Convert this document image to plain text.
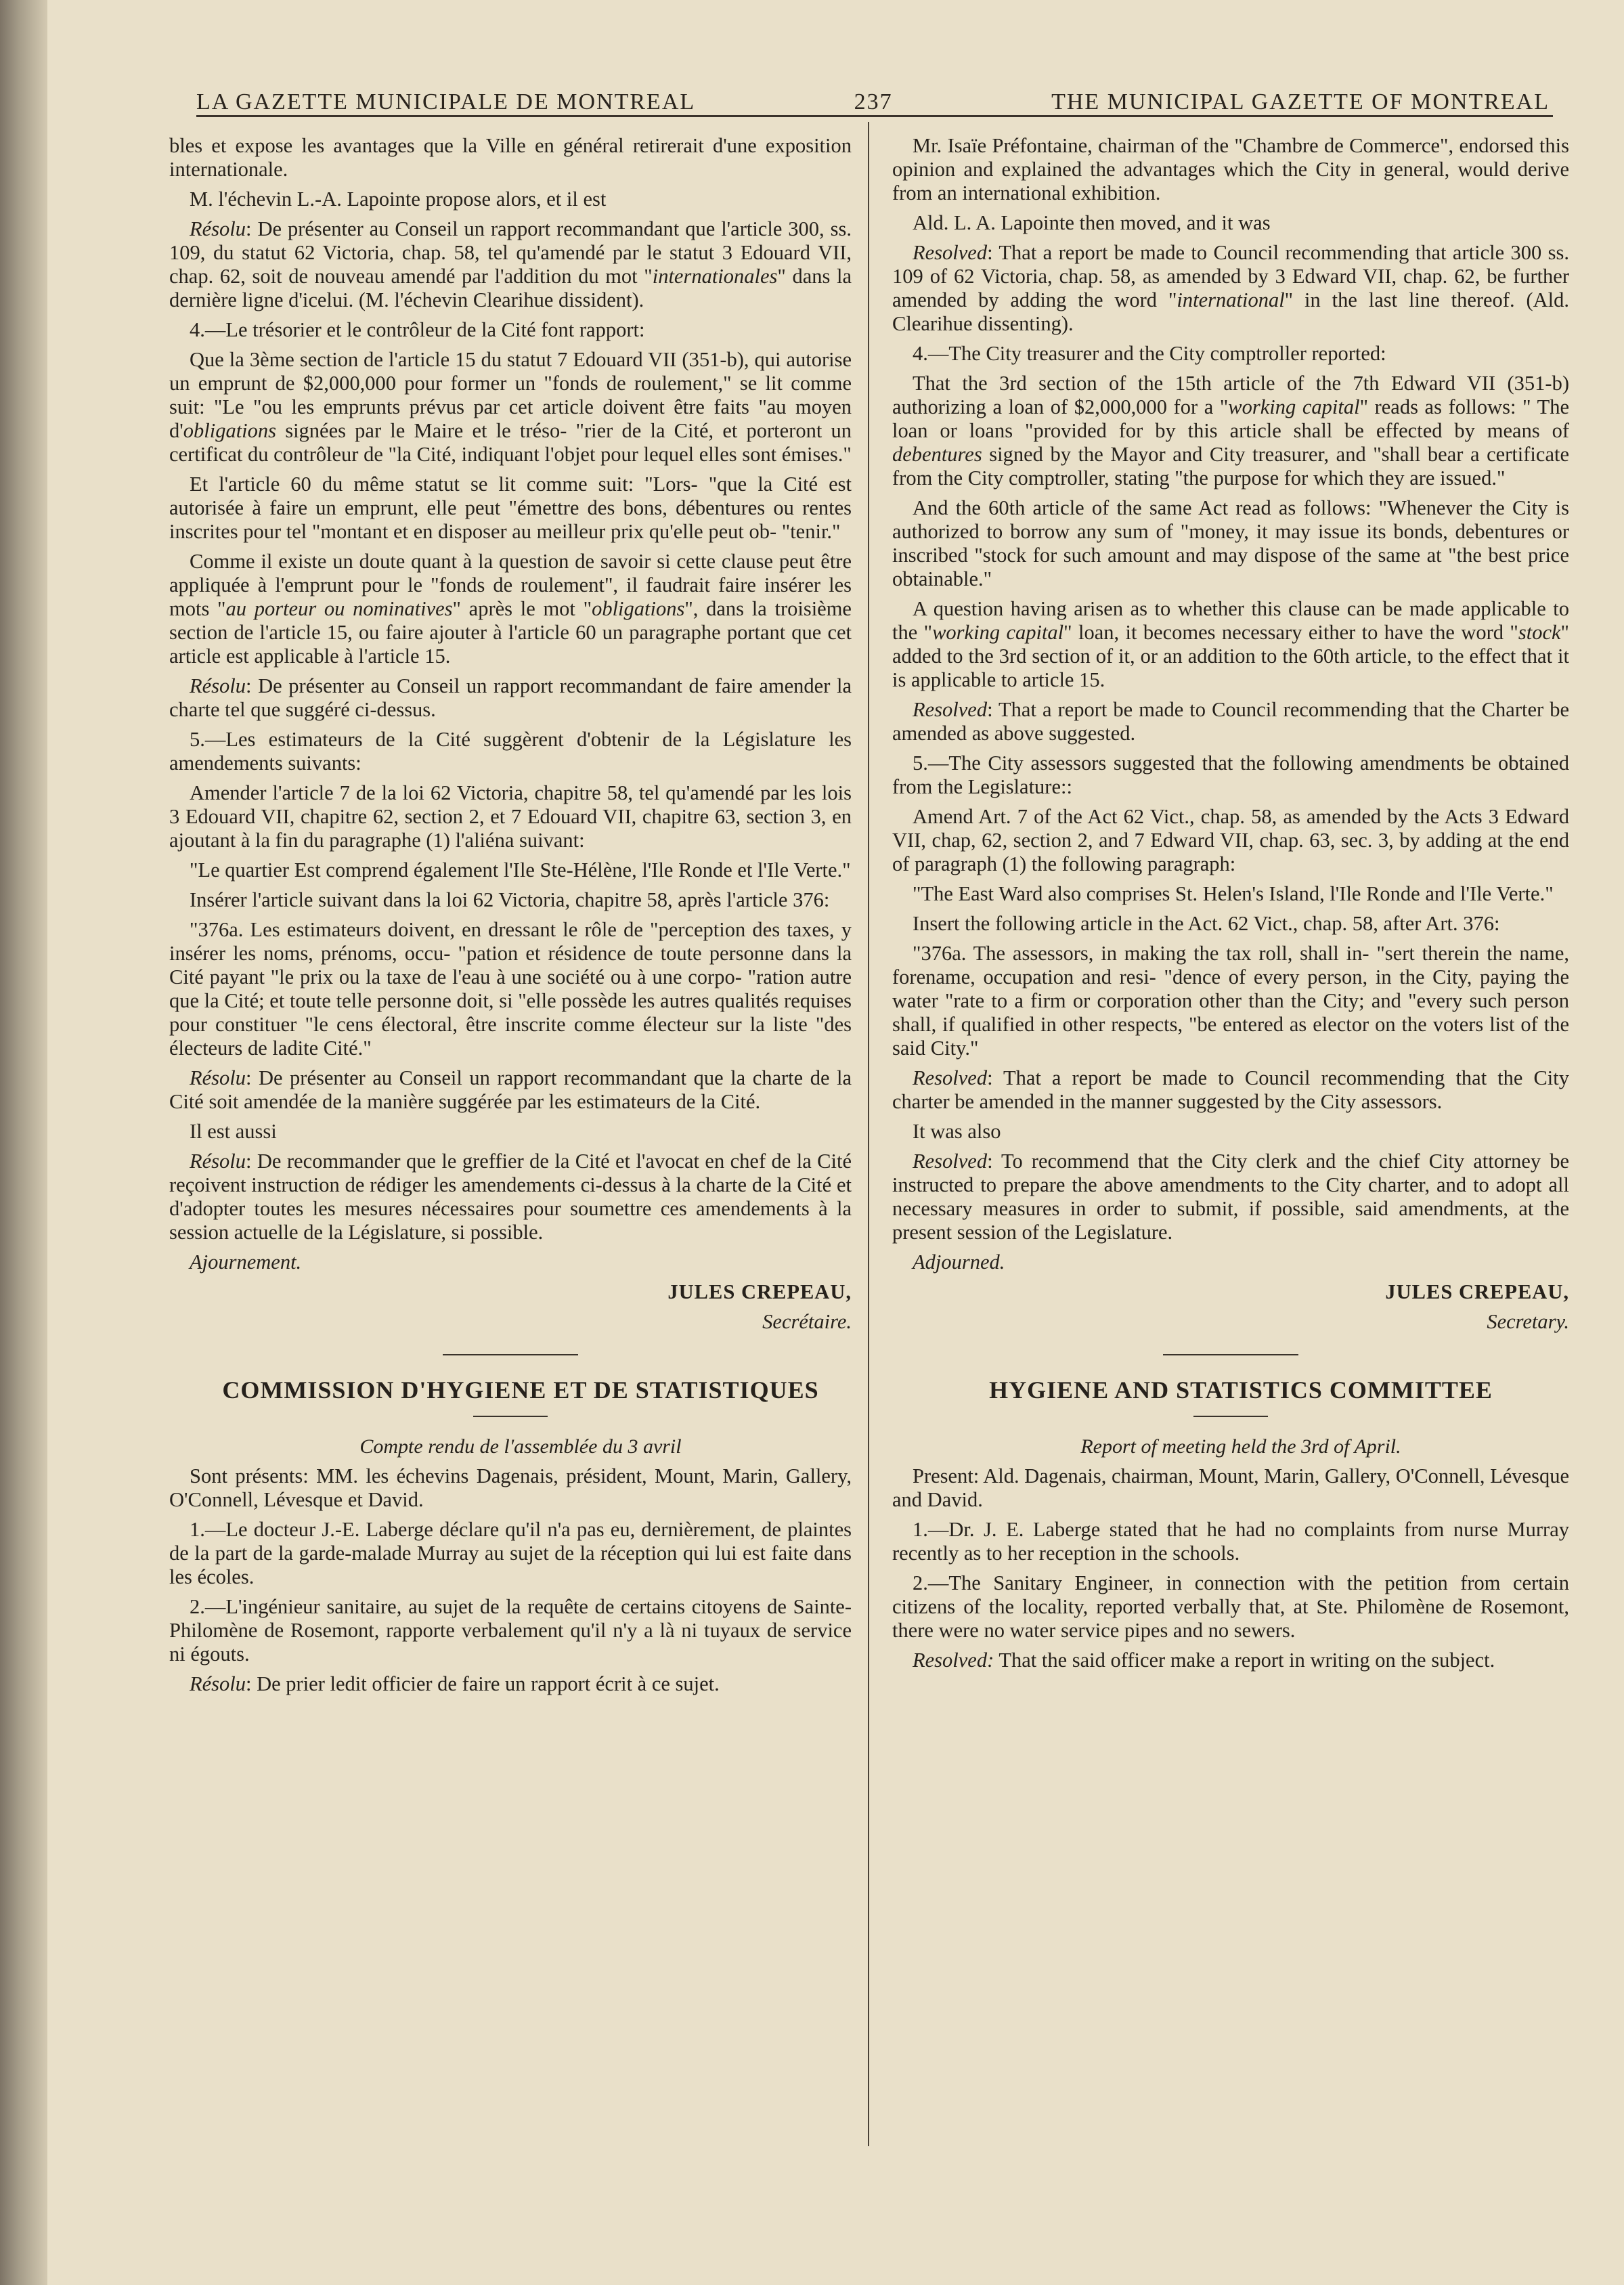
LA GAZETTE MUNICIPALE DE MONTREAL	237	THE MUNICIPAL GAZETTE OF MONTREAL

bles et expose les avantages que la Ville en général retirerait d'une exposition internationale.

M. l'échevin L.-A. Lapointe propose alors, et il est

Résolu: De présenter au Conseil un rapport recommandant que l'article 300, ss. 109, du statut 62 Victoria, chap. 58, tel qu'amendé par le statut 3 Edouard VII, chap. 62, soit de nouveau amendé par l'addition du mot "internationales" dans la dernière ligne d'icelui. (M. l'échevin Clearihue dissident).

4.—Le trésorier et le contrôleur de la Cité font rapport:

Que la 3ème section de l'article 15 du statut 7 Edouard VII (351-b), qui autorise un emprunt de $2,000,000 pour former un "fonds de roulement," se lit comme suit: "Le "ou les emprunts prévus par cet article doivent être faits "au moyen d'obligations signées par le Maire et le tréso- "rier de la Cité, et porteront un certificat du contrôleur de "la Cité, indiquant l'objet pour lequel elles sont émises."

Et l'article 60 du même statut se lit comme suit: "Lors- "que la Cité est autorisée à faire un emprunt, elle peut "émettre des bons, débentures ou rentes inscrites pour tel "montant et en disposer au meilleur prix qu'elle peut ob- "tenir."

Comme il existe un doute quant à la question de savoir si cette clause peut être appliquée à l'emprunt pour le "fonds de roulement", il faudrait faire insérer les mots "au porteur ou nominatives" après le mot "obligations", dans la troisième section de l'article 15, ou faire ajouter à l'article 60 un paragraphe portant que cet article est applicable à l'article 15.

Résolu: De présenter au Conseil un rapport recommandant de faire amender la charte tel que suggéré ci-dessus.

5.—Les estimateurs de la Cité suggèrent d'obtenir de la Législature les amendements suivants:

Amender l'article 7 de la loi 62 Victoria, chapitre 58, tel qu'amendé par les lois 3 Edouard VII, chapitre 62, section 2, et 7 Edouard VII, chapitre 63, section 3, en ajoutant à la fin du paragraphe (1) l'aliéna suivant:

"Le quartier Est comprend également l'Ile Ste-Hélène, l'Ile Ronde et l'Ile Verte."

Insérer l'article suivant dans la loi 62 Victoria, chapitre 58, après l'article 376:

"376a. Les estimateurs doivent, en dressant le rôle de "perception des taxes, y insérer les noms, prénoms, occu- "pation et résidence de toute personne dans la Cité payant "le prix ou la taxe de l'eau à une société ou à une corpo- "ration autre que la Cité; et toute telle personne doit, si "elle possède les autres qualités requises pour constituer "le cens électoral, être inscrite comme électeur sur la liste "des électeurs de ladite Cité."

Résolu: De présenter au Conseil un rapport recommandant que la charte de la Cité soit amendée de la manière suggérée par les estimateurs de la Cité.

Il est aussi

Résolu: De recommander que le greffier de la Cité et l'avocat en chef de la Cité reçoivent instruction de rédiger les amendements ci-dessus à la charte de la Cité et d'adopter toutes les mesures nécessaires pour soumettre ces amendements à la session actuelle de la Législature, si possible.

Ajournement.

JULES CREPEAU,

Secrétaire.

COMMISSION D'HYGIENE ET DE STATISTIQUES

Compte rendu de l'assemblée du 3 avril

Sont présents: MM. les échevins Dagenais, président, Mount, Marin, Gallery, O'Connell, Lévesque et David.

1.—Le docteur J.-E. Laberge déclare qu'il n'a pas eu, dernièrement, de plaintes de la part de la garde-malade Murray au sujet de la réception qui lui est faite dans les écoles.

2.—L'ingénieur sanitaire, au sujet de la requête de certains citoyens de Sainte-Philomène de Rosemont, rapporte verbalement qu'il n'y a là ni tuyaux de service ni égouts.

Résolu: De prier ledit officier de faire un rapport écrit à ce sujet.

Mr. Isaïe Préfontaine, chairman of the "Chambre de Commerce", endorsed this opinion and explained the advantages which the City in general, would derive from an international exhibition.

Ald. L. A. Lapointe then moved, and it was

Resolved: That a report be made to Council recommending that article 300 ss. 109 of 62 Victoria, chap. 58, as amended by 3 Edward VII, chap. 62, be further amended by adding the word "international" in the last line thereof. (Ald. Clearihue dissenting).

4.—The City treasurer and the City comptroller reported:

That the 3rd section of the 15th article of the 7th Edward VII (351-b) authorizing a loan of $2,000,000 for a "working capital" reads as follows: " The loan or loans "provided for by this article shall be effected by means of debentures signed by the Mayor and City treasurer, and "shall bear a certificate from the City comptroller, stating "the purpose for which they are issued."

And the 60th article of the same Act read as follows: "Whenever the City is authorized to borrow any sum of "money, it may issue its bonds, debentures or inscribed "stock for such amount and may dispose of the same at "the best price obtainable."

A question having arisen as to whether this clause can be made applicable to the "working capital" loan, it becomes necessary either to have the word "stock" added to the 3rd section of it, or an addition to the 60th article, to the effect that it is applicable to article 15.

Resolved: That a report be made to Council recommending that the Charter be amended as above suggested.

5.—The City assessors suggested that the following amendments be obtained from the Legislature::

Amend Art. 7 of the Act 62 Vict., chap. 58, as amended by the Acts 3 Edward VII, chap, 62, section 2, and 7 Edward VII, chap. 63, sec. 3, by adding at the end of paragraph (1) the following paragraph:

"The East Ward also comprises St. Helen's Island, l'Ile Ronde and l'Ile Verte."

Insert the following article in the Act. 62 Vict., chap. 58, after Art. 376:

"376a. The assessors, in making the tax roll, shall in- "sert therein the name, forename, occupation and resi- "dence of every person, in the City, paying the water "rate to a firm or corporation other than the City; and "every such person shall, if qualified in other respects, "be entered as elector on the voters list of the said City."

Resolved: That a report be made to Council recommending that the City charter be amended in the manner suggested by the City assessors.

It was also

Resolved: To recommend that the City clerk and the chief City attorney be instructed to prepare the above amendments to the City charter, and to adopt all necessary measures in order to submit, if possible, said amendments, at the present session of the Legislature.

Adjourned.

JULES CREPEAU,

Secretary.

HYGIENE AND STATISTICS COMMITTEE

Report of meeting held the 3rd of April.

Present: Ald. Dagenais, chairman, Mount, Marin, Gallery, O'Connell, Lévesque and David.

1.—Dr. J. E. Laberge stated that he had no complaints from nurse Murray recently as to her reception in the schools.

2.—The Sanitary Engineer, in connection with the petition from certain citizens of the locality, reported verbally that, at Ste. Philomène de Rosemont, there were no water service pipes and no sewers.

Resolved: That the said officer make a report in writing on the subject.
